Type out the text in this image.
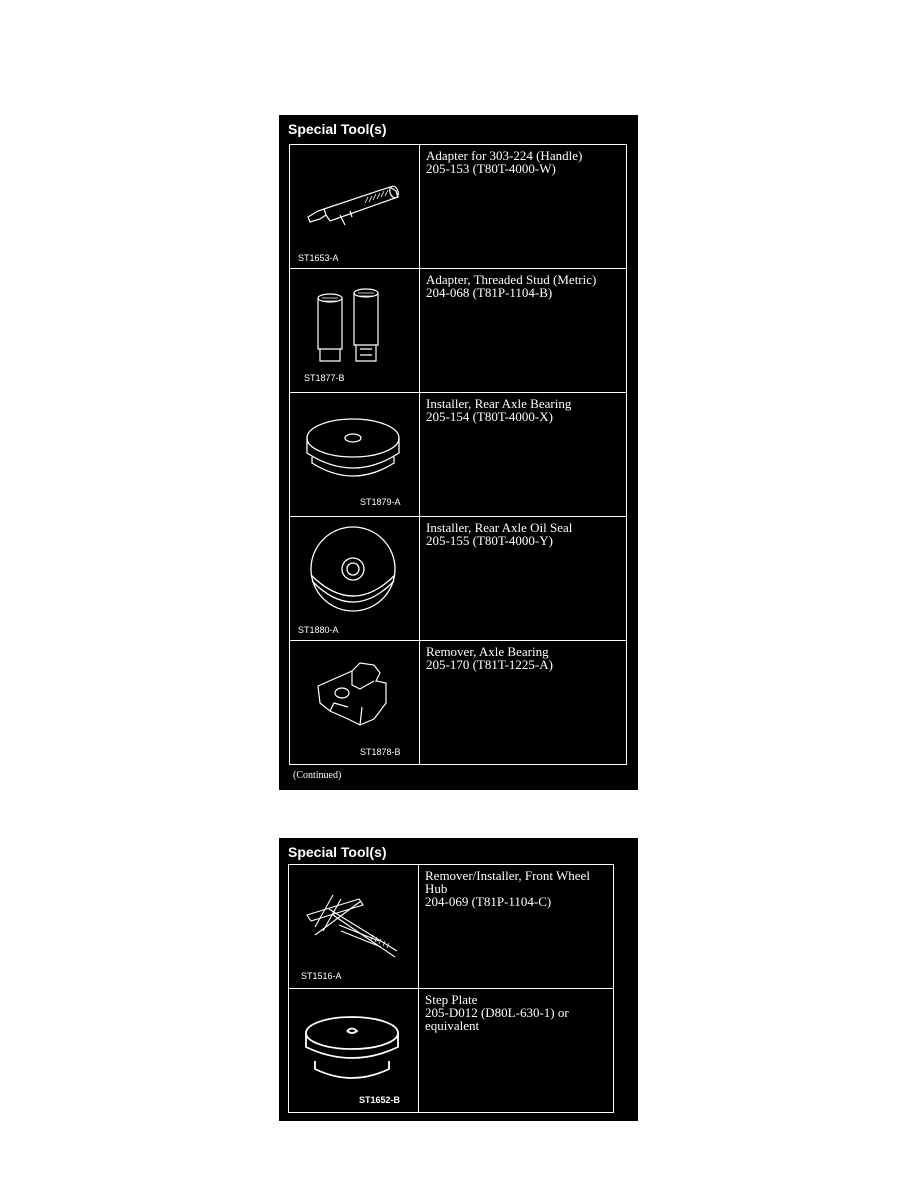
Special Tool(s)
ST1653-A	Adapter for 303-224 (Handle)
205-153 (T80T-4000-W)

ST1877-B	Adapter, Threaded Stud (Metric)
204-068 (T81P-1104-B)

ST1879-A	Installer, Rear Axle Bearing
205-154 (T80T-4000-X)

ST1880-A	Installer, Rear Axle Oil Seal
205-155 (T80T-4000-Y)

ST1878-B	Remover, Axle Bearing
205-170 (T81T-1225-A)
(Continued)
Special Tool(s)
ST1516-A	Remover/Installer, Front Wheel Hub
204-069 (T81P-1104-C)

ST1652-B	Step Plate
205-D012 (D80L-630-1) or equivalent
